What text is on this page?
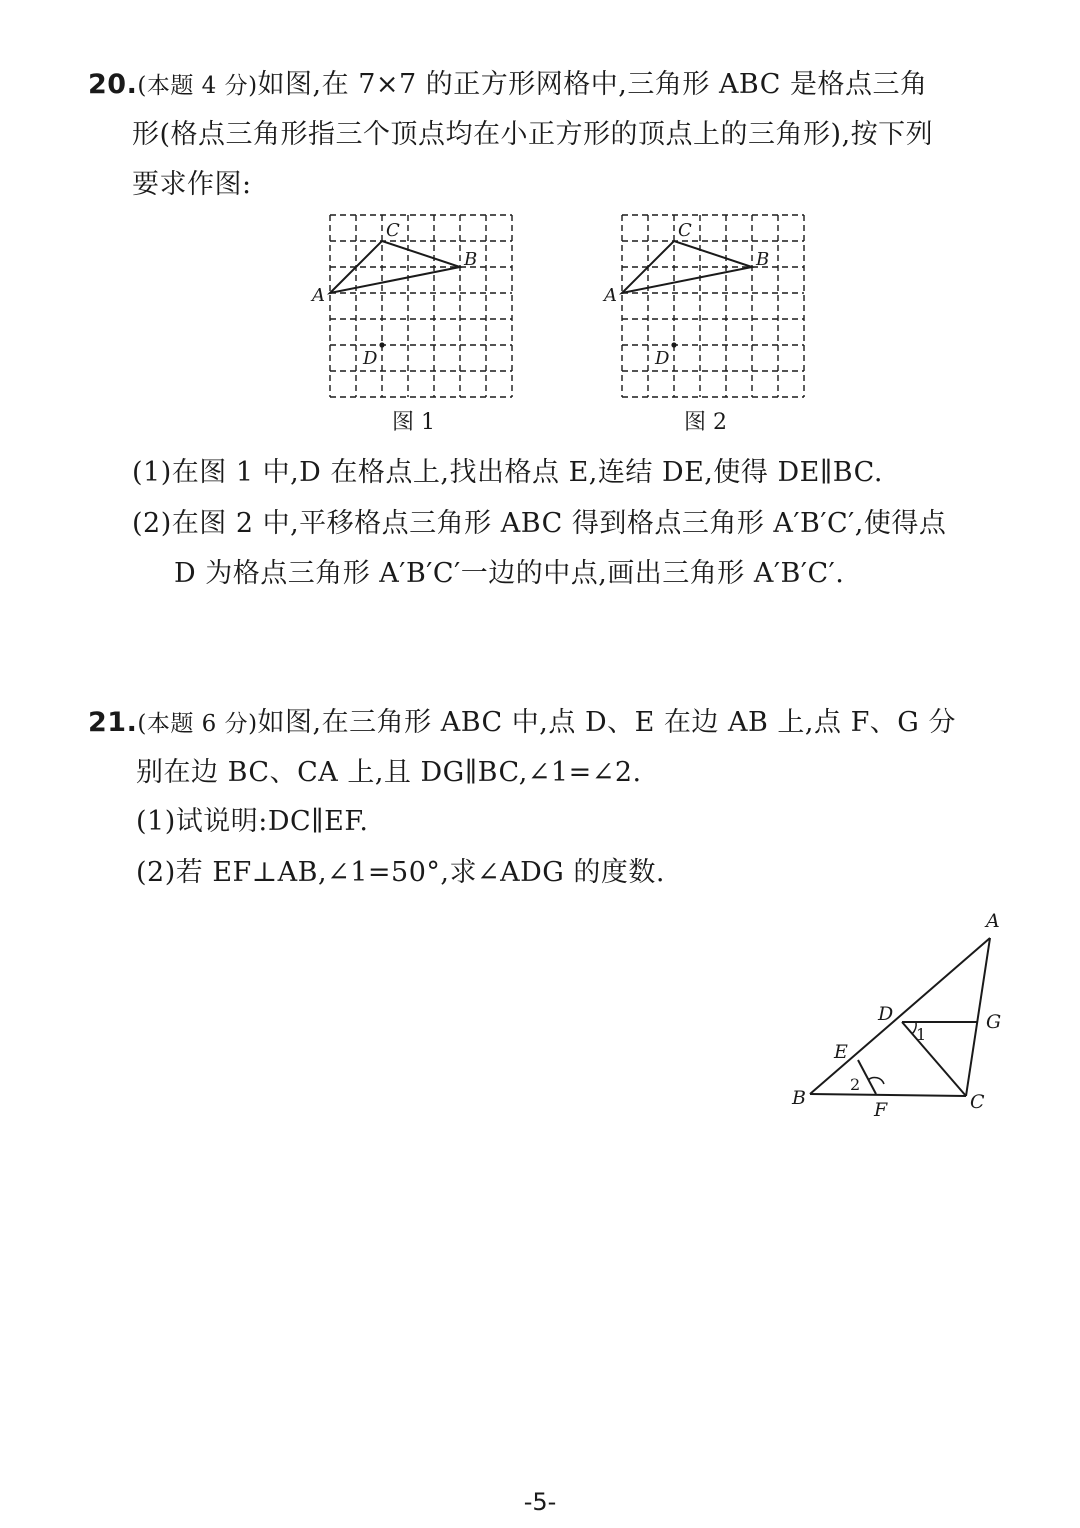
20.(本题 4 分)如图,在 7×7 的正方形网格中,三角形 ABC 是格点三角
形(格点三角形指三个顶点均在小正方形的顶点上的三角形),按下列
要求作图:
A
B
C
D
图 1
A
B
C
D
图 2
(1)在图 1 中,D 在格点上,找出格点 E,连结 DE,使得 DE∥BC.
(2)在图 2 中,平移格点三角形 ABC 得到格点三角形 A′B′C′,使得点
D 为格点三角形 A′B′C′一边的中点,画出三角形 A′B′C′.
21.(本题 6 分)如图,在三角形 ABC 中,点 D、E 在边 AB 上,点 F、G 分
别在边 BC、CA 上,且 DG∥BC,∠1=∠2.
(1)试说明:DC∥EF.
(2)若 EF⊥AB,∠1=50°,求∠ADG 的度数.
A
B	C
D
E
F
G
1
2
-5-
